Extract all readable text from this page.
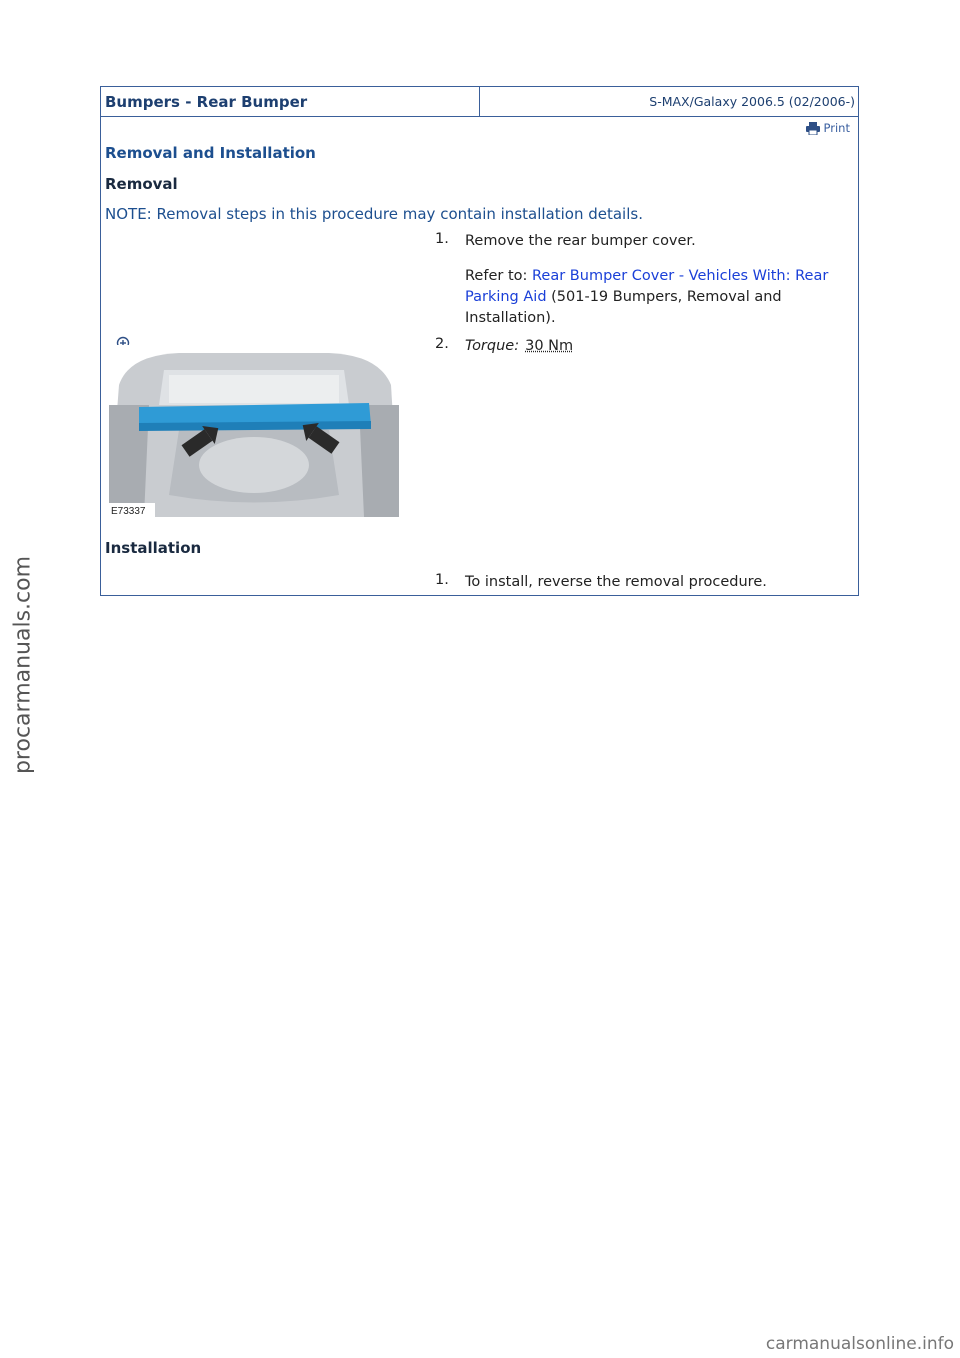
Bumpers - Rear Bumper	S-MAX/Galaxy 2006.5 (02/2006-)
Print
Removal and Installation
Removal
NOTE: Removal steps in this procedure may contain installation details.
1.	Remove the rear bumper cover.
Refer to: Rear Bumper Cover - Vehicles With: Rear Parking Aid (501-19 Bumpers, Removal and Installation).
2.	Torque: 30 Nm
E73337
Installation
1.	To install, reverse the removal procedure.
procarmanuals.com
carmanualsonline.info
